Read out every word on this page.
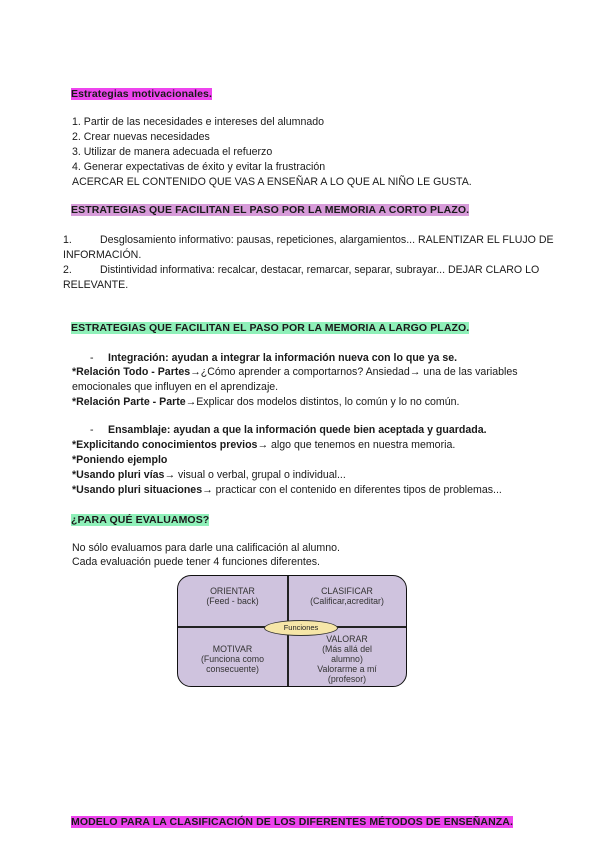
Estrategias motivacionales.
1. Partir de las necesidades e intereses del alumnado
2. Crear nuevas necesidades
3. Utilizar de manera adecuada el refuerzo
4. Generar expectativas de éxito y evitar la frustración
ACERCAR EL CONTENIDO QUE VAS A ENSEÑAR A LO QUE AL NIÑO LE GUSTA.
ESTRATEGIAS QUE FACILITAN EL PASO POR LA MEMORIA A CORTO PLAZO.
1.	Desglosamiento informativo: pausas, repeticiones, alargamientos... RALENTIZAR EL FLUJO DE
INFORMACIÓN.
2.	Distintividad informativa: recalcar, destacar, remarcar, separar, subrayar... DEJAR CLARO LO
RELEVANTE.
ESTRATEGIAS QUE FACILITAN EL PASO POR LA MEMORIA A LARGO PLAZO.
- Integración: ayudan a integrar la información nueva con lo que ya se.
*Relación Todo - Partes→¿Cómo aprender a comportarnos? Ansiedad→ una de las variables
emocionales que influyen en el aprendizaje.
*Relación Parte - Parte→Explicar dos modelos distintos, lo común y lo no común.
- Ensamblaje: ayudan a que la información quede bien aceptada y guardada.
*Explicitando conocimientos previos→ algo que tenemos en nuestra memoria.
*Poniendo ejemplo
*Usando pluri vías→ visual o verbal, grupal o individual...
*Usando pluri situaciones→ practicar con el contenido en diferentes tipos de problemas...
¿PARA QUÉ EVALUAMOS?
No sólo evaluamos para darle una calificación al alumno.
Cada evaluación puede tener 4 funciones diferentes.
ORIENTAR
(Feed - back)
CLASIFICAR
(Calificar,acreditar)
MOTIVAR
(Funciona como
consecuente)
VALORAR
(Más allá del
alumno)
Valorarme a mí
(profesor)
Funciones
MODELO PARA LA CLASIFICACIÓN DE LOS DIFERENTES MÉTODOS DE ENSEÑANZA.
